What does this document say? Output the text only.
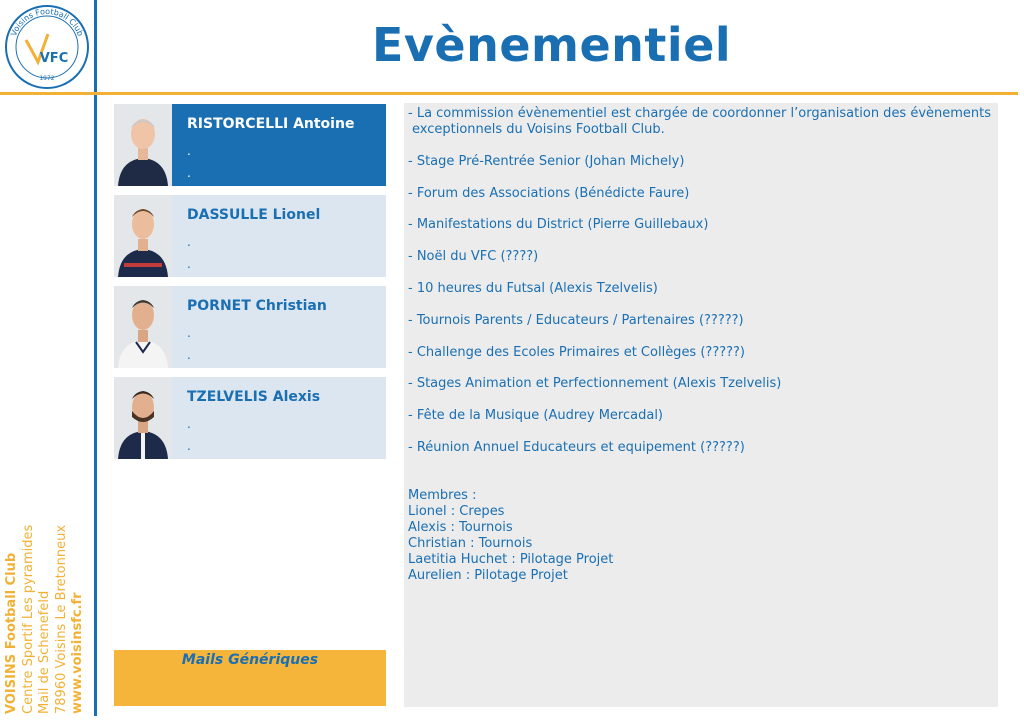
Voisins Football Club
VFC
1972
Evènementiel
RISTORCELLI Antoine
.
.
DASSULLE Lionel
.
.
PORNET Christian
.
.
TZELVELIS Alexis
.
.
Mails Génériques

- La commission évènementiel est chargée de coordonner l’organisation des évènements

exceptionnels du Voisins Football Club.

- Stage Pré-Rentrée Senior (Johan Michely)

- Forum des Associations (Bénédicte Faure)

- Manifestations du District (Pierre Guillebaux)

- Noël du VFC (????)

- 10 heures du Futsal (Alexis Tzelvelis)

- Tournois Parents / Educateurs / Partenaires (?????)

- Challenge des Ecoles Primaires et Collèges (?????)

- Stages Animation et Perfectionnement (Alexis Tzelvelis)

- Fête de la Musique (Audrey Mercadal)

- Réunion Annuel Educateurs et equipement (?????)

Membres :

Lionel : Crepes

Alexis : Tournois

Christian : Tournois

Laetitia Huchet : Pilotage Projet

Aurelien : Pilotage Projet

VOISINS Football Club Centre Sportif Les pyramides Mail de Schenefeld 78960 Voisins Le Bretonneux www.voisinsfc.fr
